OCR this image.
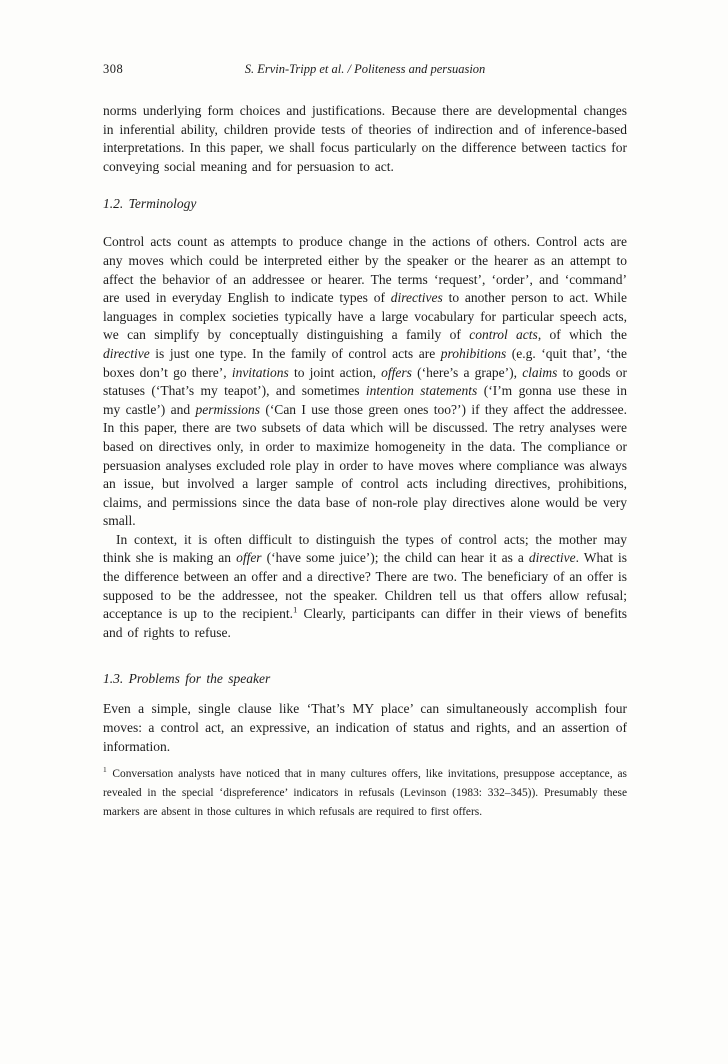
308	S. Ervin-Tripp et al. / Politeness and persuasion

norms underlying form choices and justifications. Because there are developmental changes in inferential ability, children provide tests of theories of indirection and of inference-based interpretations. In this paper, we shall focus particularly on the difference between tactics for conveying social meaning and for persuasion to act.

1.2. Terminology

Control acts count as attempts to produce change in the actions of others. Control acts are any moves which could be interpreted either by the speaker or the hearer as an attempt to affect the behavior of an addressee or hearer. The terms ‘request’, ‘order’, and ‘command’ are used in everyday English to indicate types of directives to another person to act. While languages in complex societies typically have a large vocabulary for particular speech acts, we can simplify by conceptually distinguishing a family of control acts, of which the directive is just one type. In the family of control acts are prohibitions (e.g. ‘quit that’, ‘the boxes don’t go there’, invitations to joint action, offers (‘here’s a grape’), claims to goods or statuses (‘That’s my teapot’), and sometimes intention statements (‘I’m gonna use these in my castle’) and permissions (‘Can I use those green ones too?’) if they affect the addressee. In this paper, there are two subsets of data which will be discussed. The retry analyses were based on directives only, in order to maximize homogeneity in the data. The compliance or persuasion analyses excluded role play in order to have moves where compliance was always an issue, but involved a larger sample of control acts including directives, prohibitions, claims, and permissions since the data base of non-role play directives alone would be very small.

In context, it is often difficult to distinguish the types of control acts; the mother may think she is making an offer (‘have some juice’); the child can hear it as a directive. What is the difference between an offer and a directive? There are two. The beneficiary of an offer is supposed to be the addressee, not the speaker. Children tell us that offers allow refusal; acceptance is up to the recipient.$^1$ Clearly, participants can differ in their views of benefits and of rights to refuse.

1.3. Problems for the speaker

Even a simple, single clause like ‘That’s MY place’ can simultaneously accomplish four moves: a control act, an expressive, an indication of status and rights, and an assertion of information.

$^1$ Conversation analysts have noticed that in many cultures offers, like invitations, presuppose acceptance, as revealed in the special ‘dispreference’ indicators in refusals (Levinson (1983: 332–345)). Presumably these markers are absent in those cultures in which refusals are required to first offers.
